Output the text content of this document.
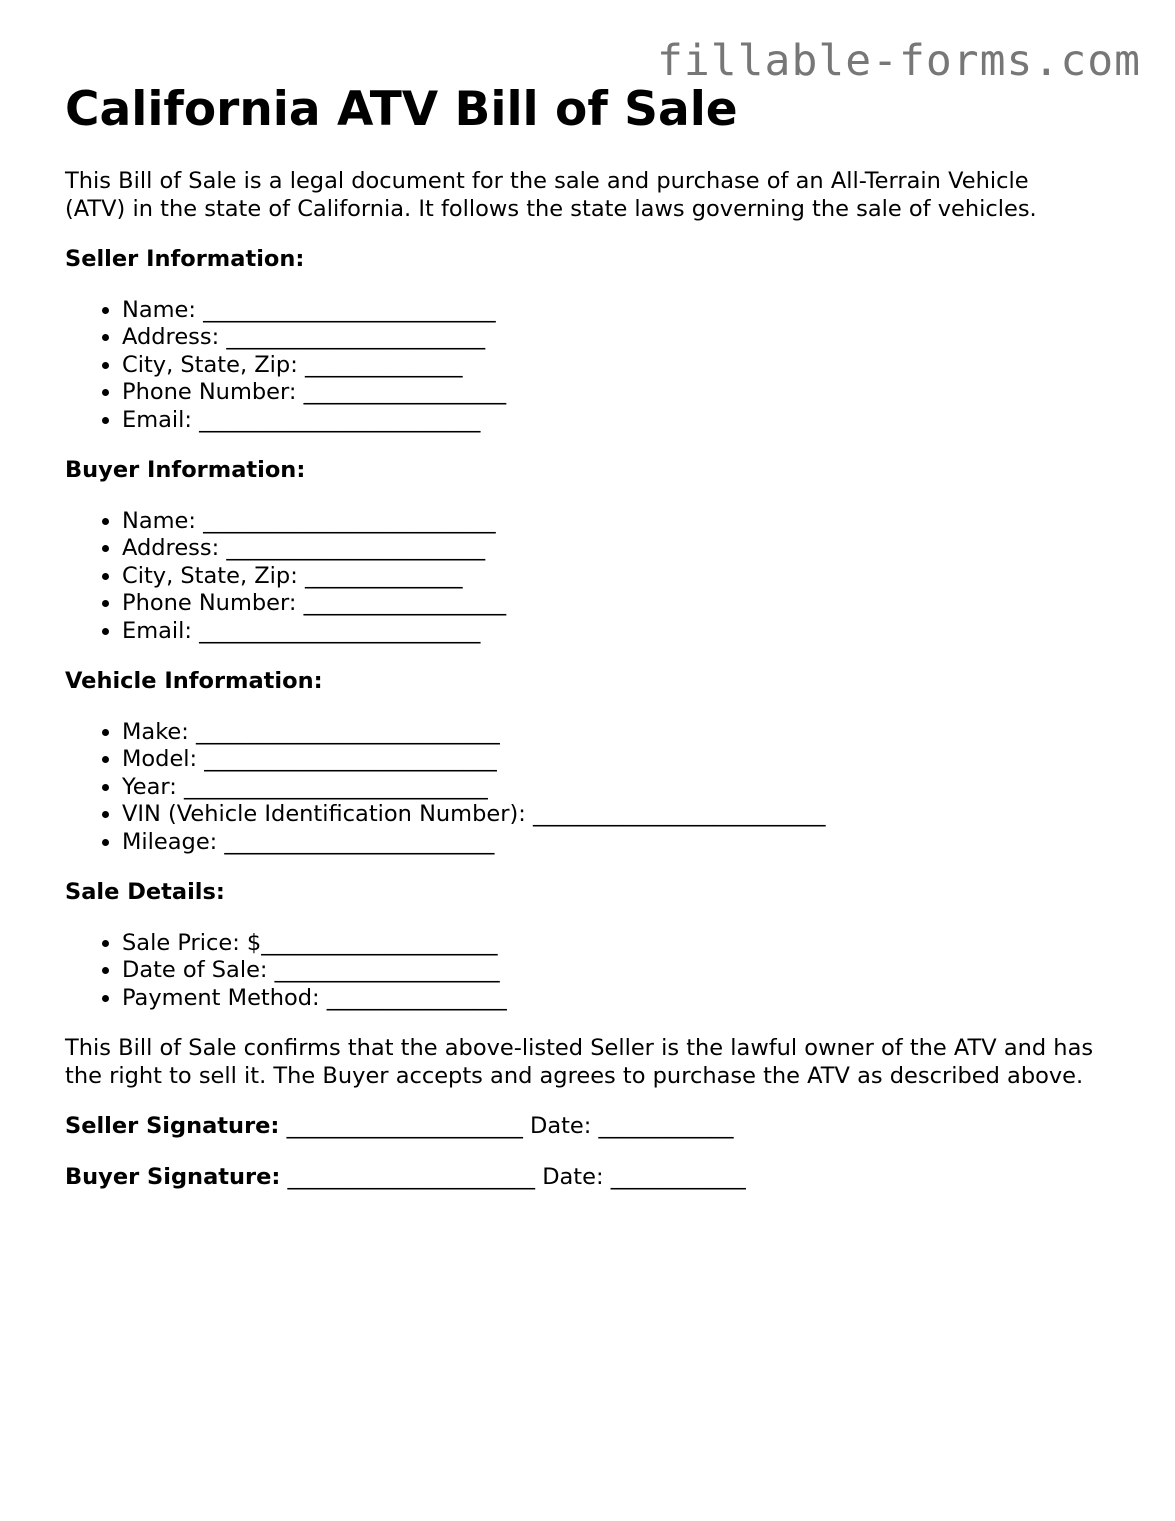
fillable-forms.com
California ATV Bill of Sale

This Bill of Sale is a legal document for the sale and purchase of an All-Terrain Vehicle
(ATV) in the state of California. It follows the state laws governing the sale of vehicles.

Seller Information:

• Name: __________________________
• Address: _______________________
• City, State, Zip: ______________
• Phone Number: __________________
• Email: _________________________

Buyer Information:

• Name: __________________________
• Address: _______________________
• City, State, Zip: ______________
• Phone Number: __________________
• Email: _________________________

Vehicle Information:

• Make: ___________________________
• Model: __________________________
• Year: ___________________________
• VIN (Vehicle Identification Number): __________________________
• Mileage: ________________________

Sale Details:

• Sale Price: $_____________________
• Date of Sale: ____________________
• Payment Method: ________________

This Bill of Sale confirms that the above-listed Seller is the lawful owner of the ATV and has
the right to sell it. The Buyer accepts and agrees to purchase the ATV as described above.

Seller Signature: _____________________ Date: ____________

Buyer Signature: ______________________ Date: ____________
